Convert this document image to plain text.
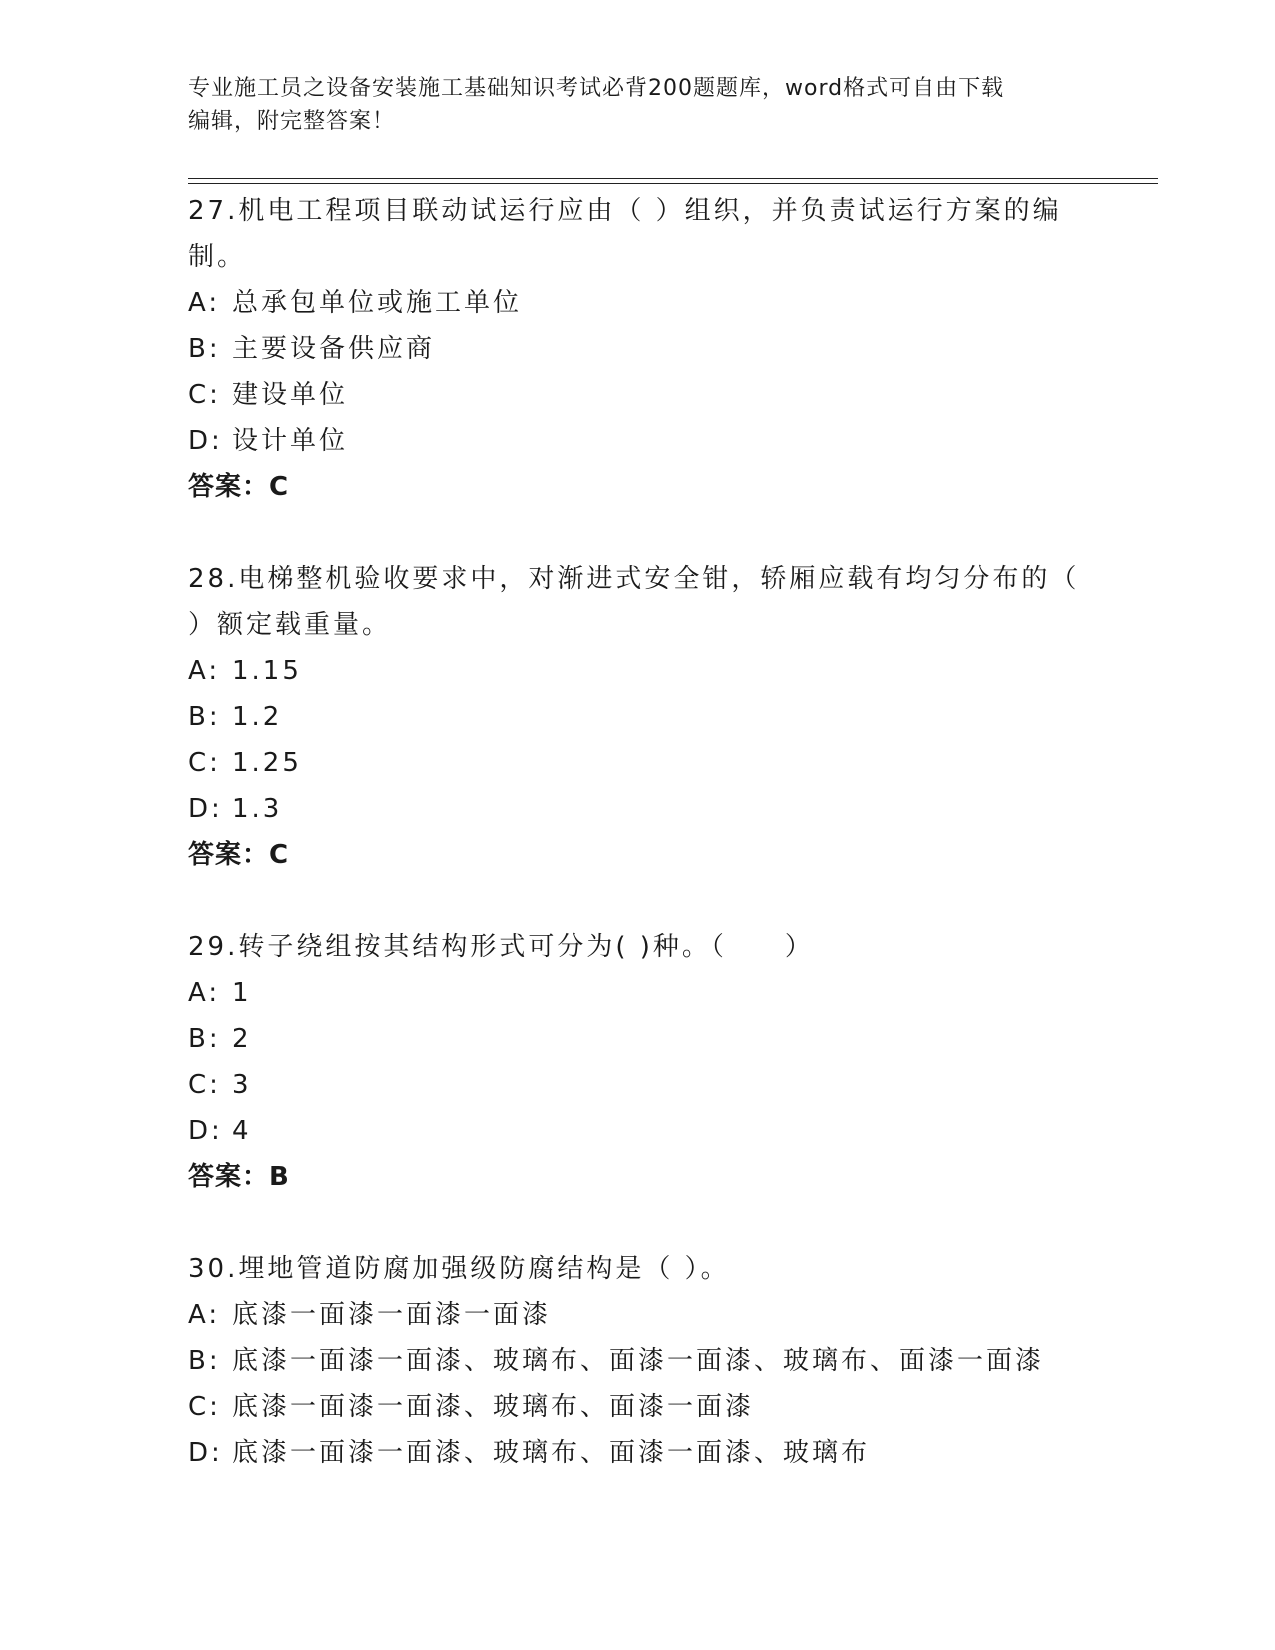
专业施工员之设备安装施工基础知识考试必背200题题库，word格式可自由下载
编辑，附完整答案！
27.机电工程项目联动试运行应由（ ）组织，并负责试运行方案的编制。
A: 总承包单位或施工单位
B: 主要设备供应商
C: 建设单位
D: 设计单位
答案：C
28.电梯整机验收要求中，对渐进式安全钳，轿厢应载有均匀分布的（ ）额定载重量。
A: 1.15
B: 1.2
C: 1.25
D: 1.3
答案：C
29.转子绕组按其结构形式可分为( )种。（　　）
A: 1
B: 2
C: 3
D: 4
答案：B
30.埋地管道防腐加强级防腐结构是（ ）。
A: 底漆一面漆一面漆一面漆
B: 底漆一面漆一面漆、玻璃布、面漆一面漆、玻璃布、面漆一面漆
C: 底漆一面漆一面漆、玻璃布、面漆一面漆
D: 底漆一面漆一面漆、玻璃布、面漆一面漆、玻璃布
